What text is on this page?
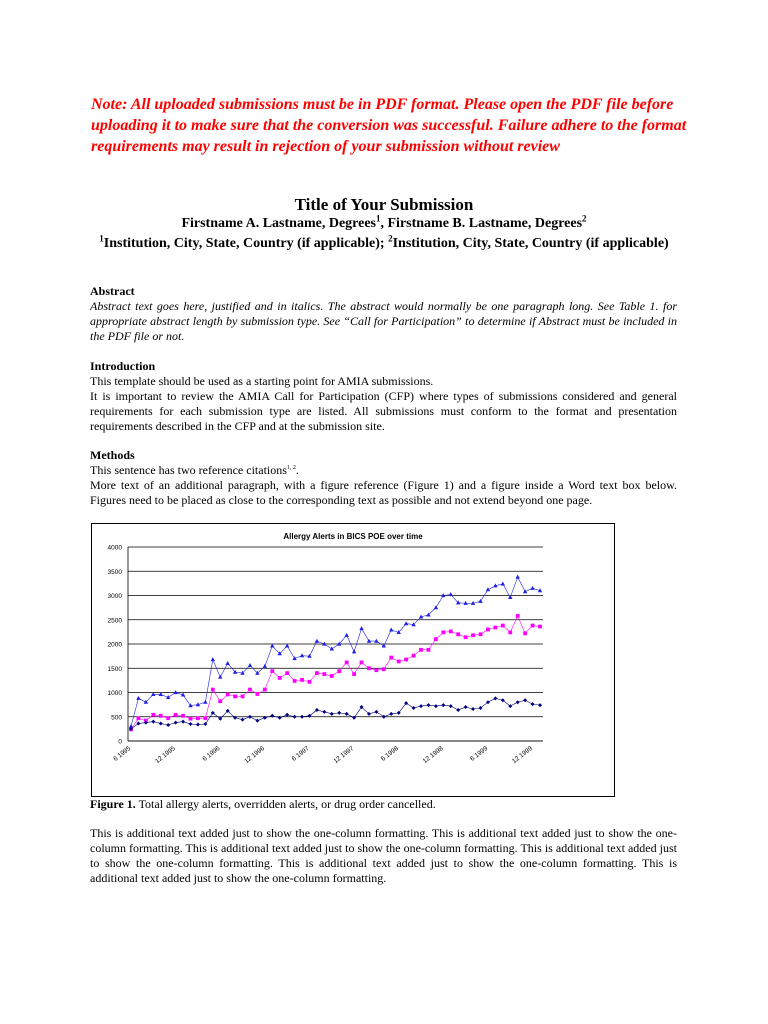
Note: All uploaded submissions must be in PDF format. Please open the PDF file before uploading it to make sure that the conversion was successful. Failure adhere to the format requirements may result in rejection of your submission without review
Title of Your Submission
Firstname A. Lastname, Degrees$^1$, Firstname B. Lastname, Degrees$^2$
$^1$Institution, City, State, Country (if applicable); $^2$Institution, City, State, Country (if applicable)
Abstract
Abstract text goes here, justified and in italics. The abstract would normally be one paragraph long. See Table 1. for appropriate abstract length by submission type. See “Call for Participation” to determine if Abstract must be included in the PDF file or not.
Introduction
This template should be used as a starting point for AMIA submissions.
It is important to review the AMIA Call for Participation (CFP) where types of submissions considered and general requirements for each submission type are listed. All submissions must conform to the format and presentation requirements described in the CFP and at the submission site.
Methods
This sentence has two reference citations$^{1, 2}$.
More text of an additional paragraph, with a figure reference (Figure 1) and a figure inside a Word text box below. Figures need to be placed as close to the corresponding text as possible and not extend beyond one page.
Allergy Alerts in BICS POE over time
0
500
1000
1500
2000
2500
3000
3500
4000
6 1995	12 1995	6 1996	12 1996	6 1997	12 1997	6 1998	12 1998	6 1999	12 1999
Figure 1. Total allergy alerts, overridden alerts, or drug order cancelled.
This is additional text added just to show the one-column formatting. This is additional text added just to show the one-column formatting. This is additional text added just to show the one-column formatting. This is additional text added just to show the one-column formatting. This is additional text added just to show the one-column formatting. This is additional text added just to show the one-column formatting.
